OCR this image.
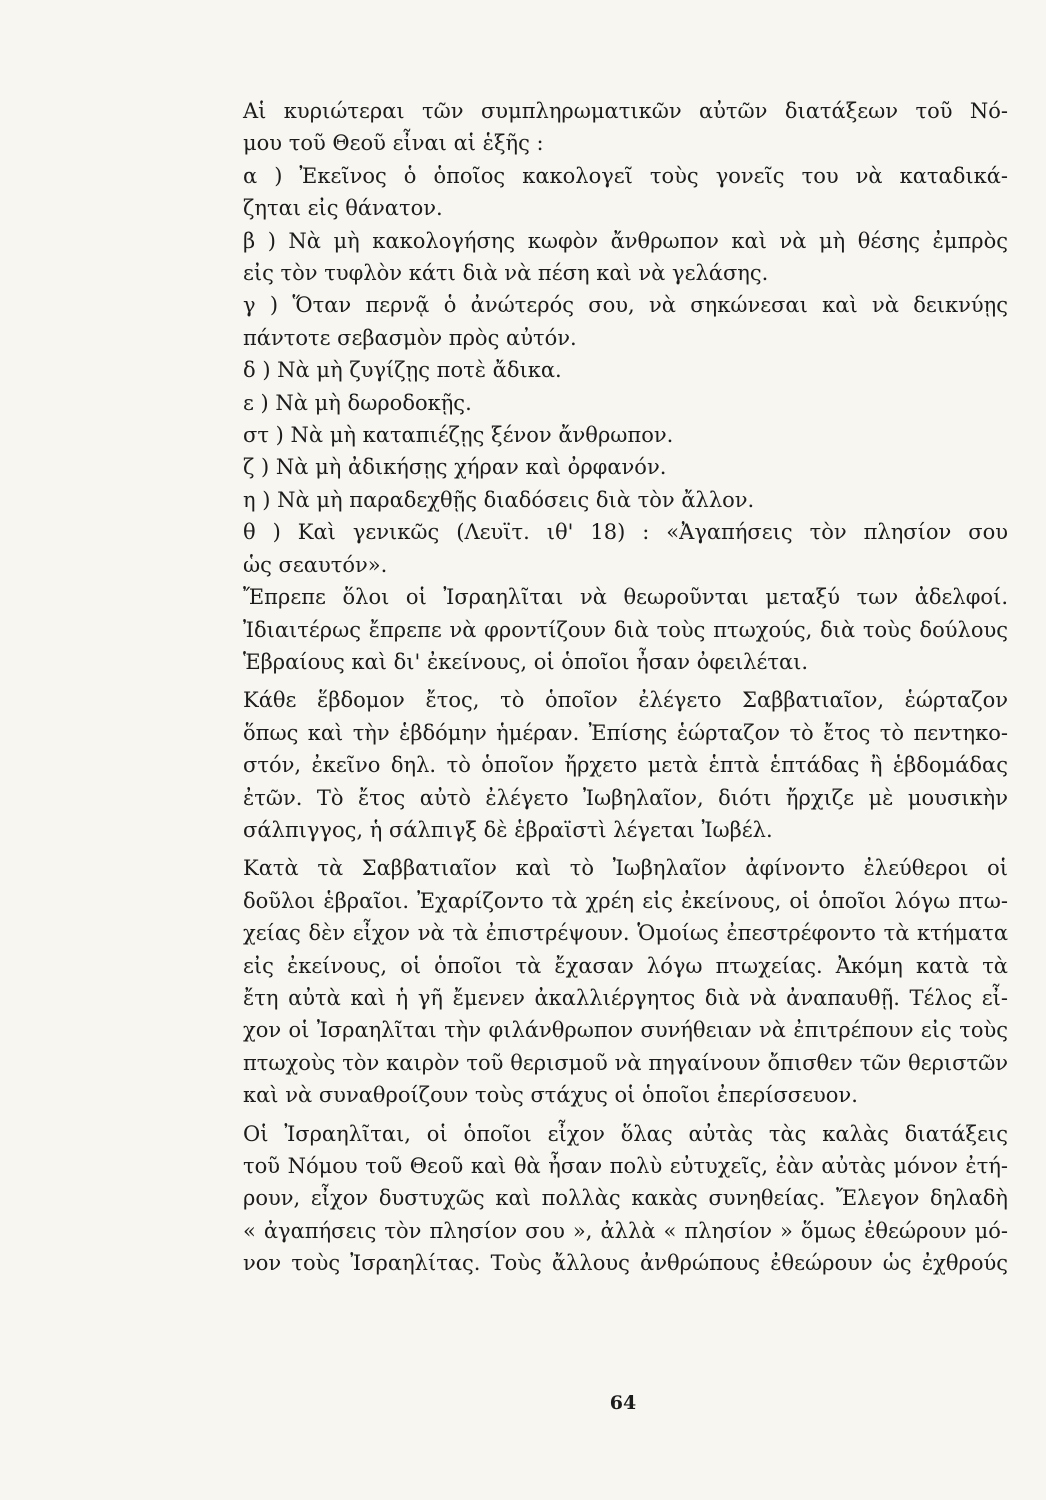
Αἱ κυριώτεραι τῶν συμπληρωματικῶν αὐτῶν διατάξεων τοῦ Νό-
μου τοῦ Θεοῦ εἶναι αἱ ἑξῆς :
α ) Ἐκεῖνος ὁ ὁποῖος κακολογεῖ τοὺς γονεῖς του νὰ καταδικά-
ζηται εἰς θάνατον.
β ) Νὰ μὴ κακολογήσης κωφὸν ἄνθρωπον καὶ νὰ μὴ θέσης ἐμπρὸς
εἰς τὸν τυφλὸν κάτι διὰ νὰ πέση καὶ νὰ γελάσης.
γ ) Ὅταν περνᾷ ὁ ἀνώτερός σου, νὰ σηκώνεσαι καὶ νὰ δεικνύῃς
πάντοτε σεβασμὸν πρὸς αὐτόν.
δ ) Νὰ μὴ ζυγίζῃς ποτὲ ἄδικα.
ε ) Νὰ μὴ δωροδοκῇς.
στ ) Νὰ μὴ καταπιέζῃς ξένον ἄνθρωπον.
ζ ) Νὰ μὴ ἀδικήσῃς χήραν καὶ ὀρφανόν.
η ) Νὰ μὴ παραδεχθῇς διαδόσεις διὰ τὸν ἄλλον.
θ ) Καὶ γενικῶς (Λευϊτ. ιθ' 18) : «Ἀγαπήσεις τὸν πλησίον σου
ὡς σεαυτόν».
Ἔπρεπε ὅλοι οἱ Ἰσραηλῖται νὰ θεωροῦνται μεταξύ των ἀδελφοί.
Ἰδιαιτέρως ἔπρεπε νὰ φροντίζουν διὰ τοὺς πτωχούς, διὰ τοὺς δούλους
Ἑβραίους καὶ δι' ἐκείνους, οἱ ὁποῖοι ἦσαν ὀφειλέται.
Κάθε ἕβδομον ἔτος, τὸ ὁποῖον ἐλέγετο Σαββατιαῖον, ἑώρταζον
ὅπως καὶ τὴν ἑβδόμην ἡμέραν. Ἐπίσης ἑώρταζον τὸ ἔτος τὸ πεντηκο-
στόν, ἐκεῖνο δηλ. τὸ ὁποῖον ἤρχετο μετὰ ἑπτὰ ἑπτάδας ἢ ἑβδομάδας
ἐτῶν. Τὸ ἔτος αὐτὸ ἐλέγετο Ἰωβηλαῖον, διότι ἤρχιζε μὲ μουσικὴν
σάλπιγγος, ἡ σάλπιγξ δὲ ἑβραϊστὶ λέγεται Ἰωβέλ.
Κατὰ τὰ Σαββατιαῖον καὶ τὸ Ἰωβηλαῖον ἀφίνοντο ἐλεύθεροι οἱ
δοῦλοι ἑβραῖοι. Ἐχαρίζοντο τὰ χρέη εἰς ἐκείνους, οἱ ὁποῖοι λόγω πτω-
χείας δὲν εἶχον νὰ τὰ ἐπιστρέψουν. Ὁμοίως ἐπεστρέφοντο τὰ κτήματα
εἰς ἐκείνους, οἱ ὁποῖοι τὰ ἔχασαν λόγω πτωχείας. Ἀκόμη κατὰ τὰ
ἔτη αὐτὰ καὶ ἡ γῆ ἔμενεν ἀκαλλιέργητος διὰ νὰ ἀναπαυθῇ. Τέλος εἶ-
χον οἱ Ἰσραηλῖται τὴν φιλάνθρωπον συνήθειαν νὰ ἐπιτρέπουν εἰς τοὺς
πτωχοὺς τὸν καιρὸν τοῦ θερισμοῦ νὰ πηγαίνουν ὄπισθεν τῶν θεριστῶν
καὶ νὰ συναθροίζουν τοὺς στάχυς οἱ ὁποῖοι ἐπερίσσευον.
Οἱ Ἰσραηλῖται, οἱ ὁποῖοι εἶχον ὅλας αὐτὰς τὰς καλὰς διατάξεις
τοῦ Νόμου τοῦ Θεοῦ καὶ θὰ ἦσαν πολὺ εὐτυχεῖς, ἐὰν αὐτὰς μόνον ἐτή-
ρουν, εἶχον δυστυχῶς καὶ πολλὰς κακὰς συνηθείας. Ἔλεγον δηλαδὴ
« ἀγαπήσεις τὸν πλησίον σου », ἀλλὰ « πλησίον » ὅμως ἐθεώρουν μό-
νον τοὺς Ἰσραηλίτας. Τοὺς ἄλλους ἀνθρώπους ἐθεώρουν ὡς ἐχθρούς
64
